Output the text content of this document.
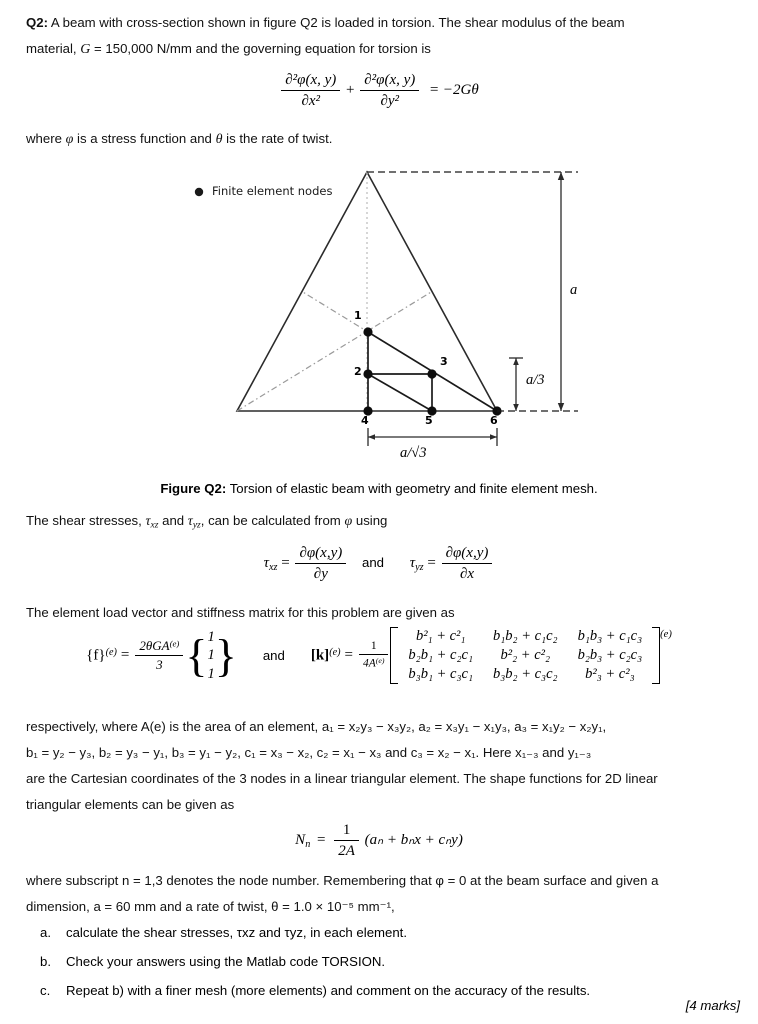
Q2: A beam with cross-section shown in figure Q2 is loaded in torsion. The shear modulus of the beam
material, G = 150,000 N/mm and the governing equation for torsion is
$\frac{\text{∂²φ(x, y)}}{\text{∂x²}} + \frac{\text{∂²φ(x, y)}}{\text{∂y²}} = -2G\theta$
where φ is a stress function and θ is the rate of twist.
Finite element nodes
1
2
3
4	5	6
a
a/3
a/√3
Figure Q2: Torsion of elastic beam with geometry and finite element mesh.
The shear stresses, $\tau_{xz}$ and $\tau_{yz}$, can be calculated from φ using
$\tau_{xz} = \frac{\partial\varphi(x,y)}{\partial y}$ and $\tau_{yz} = \frac{\partial\varphi(x,y)}{\partial x}$
The element load vector and stiffness matrix for this problem are given as
$\{f\}^{(e)} = \frac{2\theta GA^{(e)}}{3}$ { 1
1
1 } and $[k]^{(e)} = \frac{1}{4A^{(e)}}$
b²₁ + c²₁	b₁b₂ + c₁c₂	b₁b₃ + c₁c₃
b₂b₁ + c₂c₁	b²₂ + c²₂	b₂b₃ + c₂c₃
b₃b₁ + c₃c₁	b₃b₂ + c₃c₂	b²₃ + c²₃
(e)
respectively, where A(e) is the area of an element, a₁ = x₂y₃ − x₃y₂, a₂ = x₃y₁ − x₁y₃, a₃ = x₁y₂ − x₂y₁,
b₁ = y₂ − y₃, b₂ = y₃ − y₁, b₃ = y₁ − y₂, c₁ = x₃ − x₂, c₂ = x₁ − x₃ and c₃ = x₂ − x₁. Here x₁₋₃ and y₁₋₃
are the Cartesian coordinates of the 3 nodes in a linear triangular element. The shape functions for 2D linear
triangular elements can be given as
$N_n = \frac{1}{2A} (a_n + b_nx + c_ny)$
where subscript n = 1,3 denotes the node number. Remembering that φ = 0 at the beam surface and given a
dimension, a = 60 mm and a rate of twist, θ = 1.0 × 10⁻⁵ mm⁻¹,
a.	calculate the shear stresses, τxz and τyz, in each element.
b.	Check your answers using the Matlab code TORSION.
c.	Repeat b) with a finer mesh (more elements) and comment on the accuracy of the results.
[4 marks]
